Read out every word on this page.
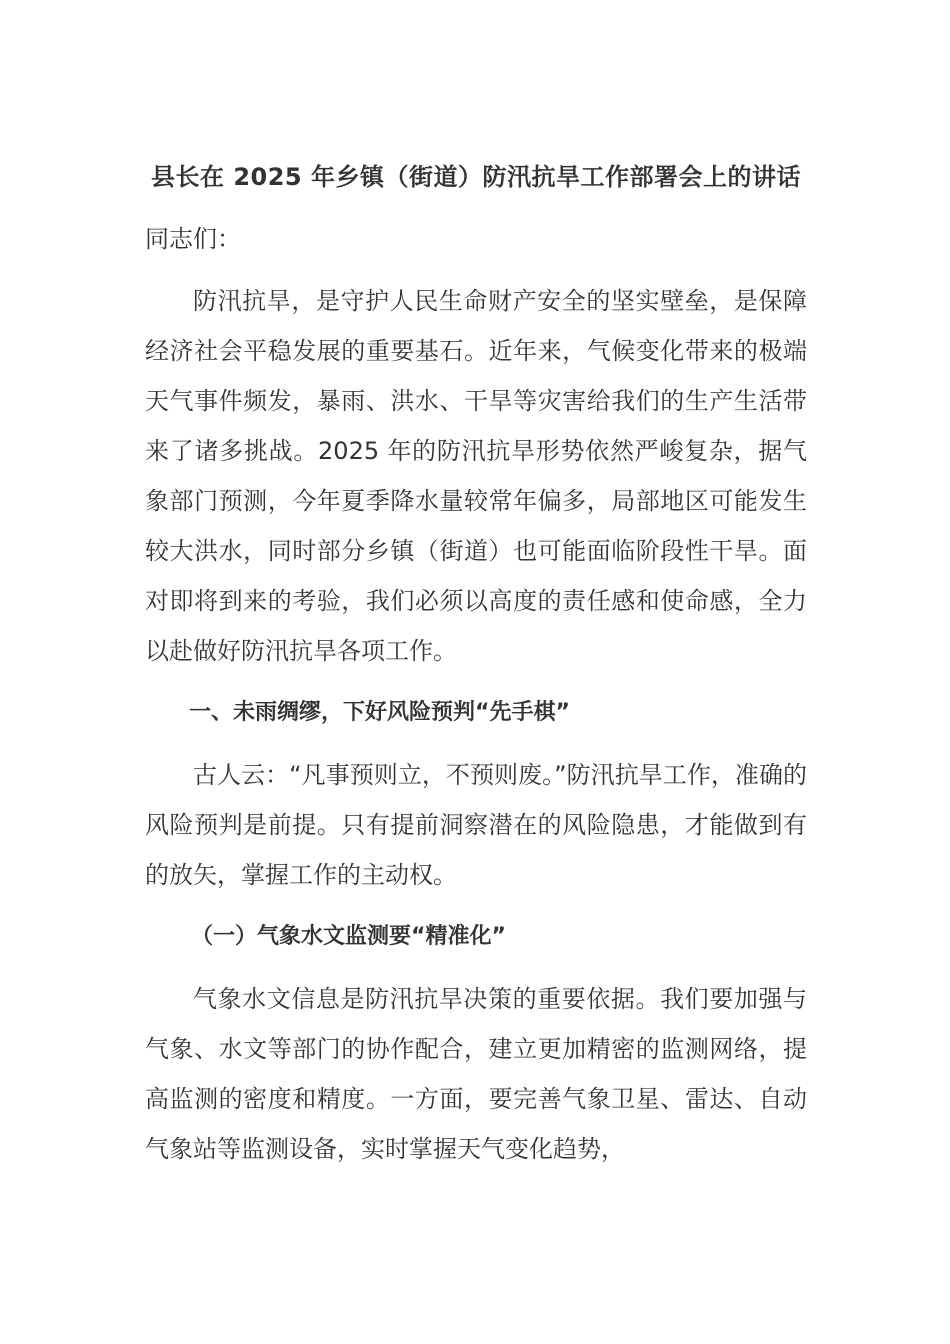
县长在 2025 年乡镇（街道）防汛抗旱工作部署会上的讲话

同志们：

防汛抗旱，是守护人民生命财产安全的坚实壁垒，是保障经济社会平稳发展的重要基石。近年来，气候变化带来的极端天气事件频发，暴雨、洪水、干旱等灾害给我们的生产生活带来了诸多挑战。2025 年的防汛抗旱形势依然严峻复杂，据气象部门预测，今年夏季降水量较常年偏多，局部地区可能发生较大洪水，同时部分乡镇（街道）也可能面临阶段性干旱。面对即将到来的考验，我们必须以高度的责任感和使命感，全力以赴做好防汛抗旱各项工作。

一、未雨绸缪，下好风险预判“先手棋”

古人云：“凡事预则立，不预则废。”防汛抗旱工作，准确的风险预判是前提。只有提前洞察潜在的风险隐患，才能做到有的放矢，掌握工作的主动权。

（一）气象水文监测要“精准化”

气象水文信息是防汛抗旱决策的重要依据。我们要加强与气象、水文等部门的协作配合，建立更加精密的监测网络，提高监测的密度和精度。一方面，要完善气象卫星、雷达、自动气象站等监测设备，实时掌握天气变化趋势，
